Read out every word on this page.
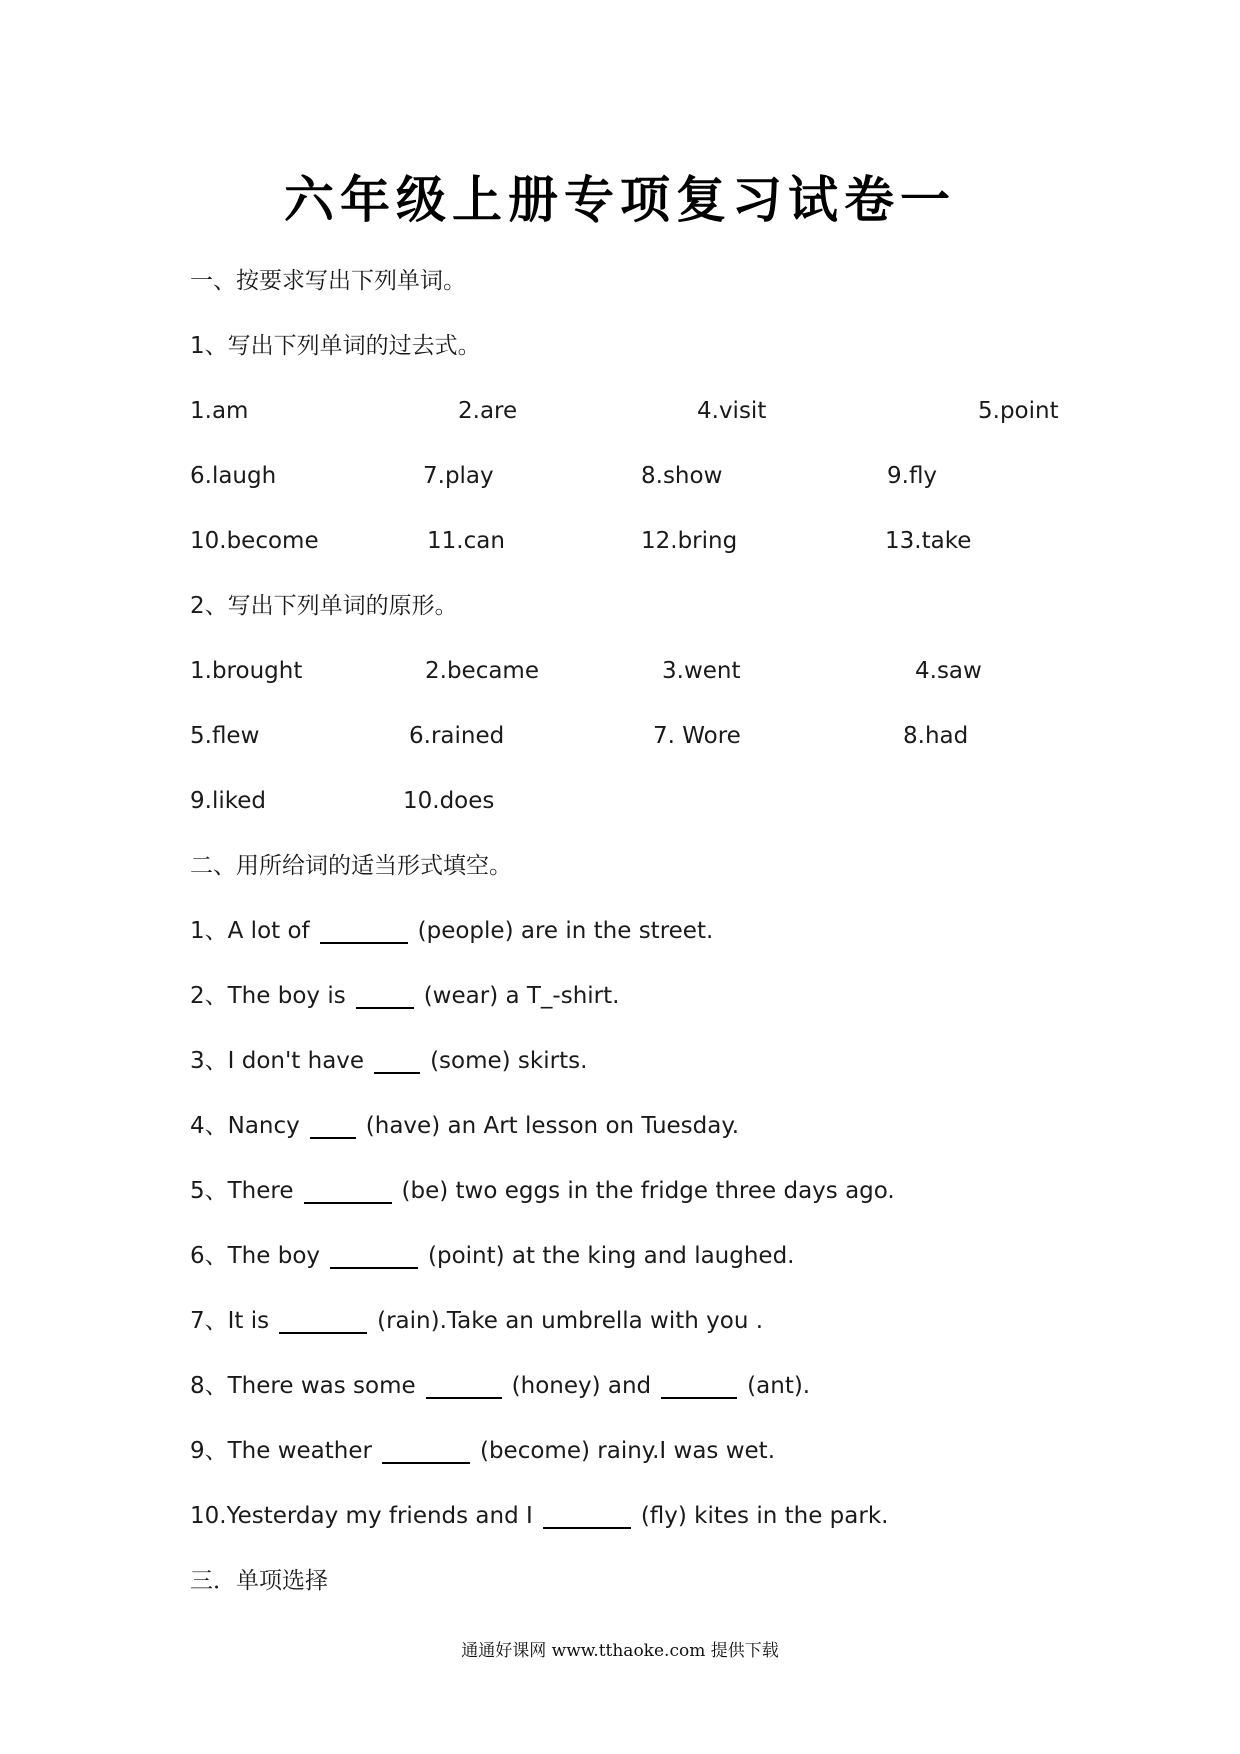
六年级上册专项复习试卷一
一、按要求写出下列单词。
1、写出下列单词的过去式。
1.am	2.are	4.visit	5.point
6.laugh	7.play	8.show	9.fly
10.become	11.can	12.bring	13.take
2、写出下列单词的原形。
1.brought	2.became	3.went	4.saw
5.flew	6.rained	7. Wore	8.had
9.liked	10.does
二、用所给词的适当形式填空。
1、A lot of	(people) are in the street.
2、The boy is	(wear) a T_-shirt.
3、I don't have	(some) skirts.
4、Nancy	(have) an Art lesson on Tuesday.
5、There	(be) two eggs in the fridge three days ago.
6、The boy	(point) at the king and laughed.
7、It is	(rain).Take an umbrella with you .
8、There was some	(honey) and	(ant).
9、The weather	(become) rainy.I was wet.
10.Yesterday my friends and I	(fly) kites in the park.
三．单项选择
通通好课网 www.tthaoke.com 提供下载
